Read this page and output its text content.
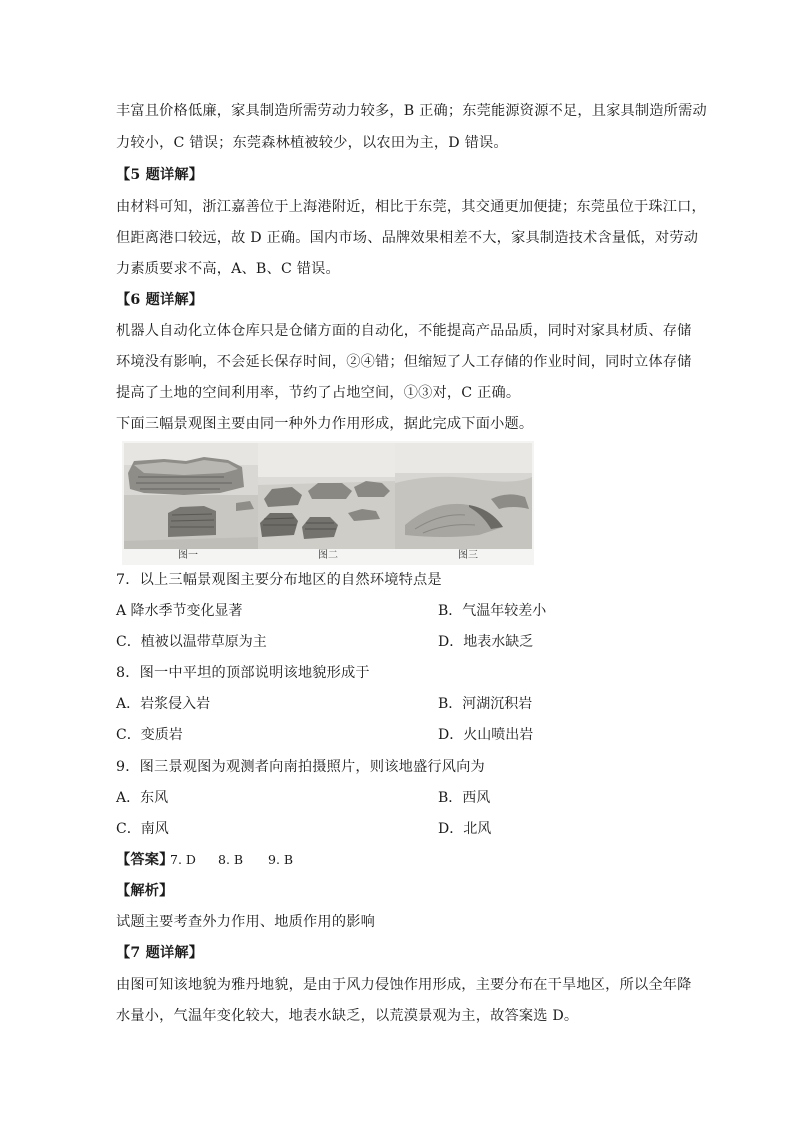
丰富且价格低廉，家具制造所需劳动力较多，B 正确；东莞能源资源不足，且家具制造所需动
力较小，C 错误；东莞森林植被较少，以农田为主，D 错误。
【5 题详解】
由材料可知，浙江嘉善位于上海港附近，相比于东莞，其交通更加便捷；东莞虽位于珠江口，
但距离港口较远，故 D 正确。国内市场、品牌效果相差不大，家具制造技术含量低，对劳动
力素质要求不高，A、B、C 错误。
【6 题详解】
机器人自动化立体仓库只是仓储方面的自动化，不能提高产品品质，同时对家具材质、存储
环境没有影响，不会延长保存时间，②④错；但缩短了人工存储的作业时间，同时立体存储
提高了土地的空间利用率，节约了占地空间，①③对，C 正确。
下面三幅景观图主要由同一种外力作用形成，据此完成下面小题。
图一	图二	图三
7．以上三幅景观图主要分布地区的自然环境特点是
A 降水季节变化显著	B．气温年较差小
C．植被以温带草原为主	D．地表水缺乏
8．图一中平坦的顶部说明该地貌形成于
A．岩浆侵入岩	B．河湖沉积岩
C．变质岩	D．火山喷出岩
9．图三景观图为观测者向南拍摄照片，则该地盛行风向为
A．东风	B．西风
C．南风	D．北风
【答案】
7. D 8. B 9. B
【解析】
试题主要考查外力作用、地质作用的影响
【7 题详解】
由图可知该地貌为雅丹地貌，是由于风力侵蚀作用形成，主要分布在干旱地区，所以全年降
水量小，气温年变化较大，地表水缺乏，以荒漠景观为主，故答案选 D。
